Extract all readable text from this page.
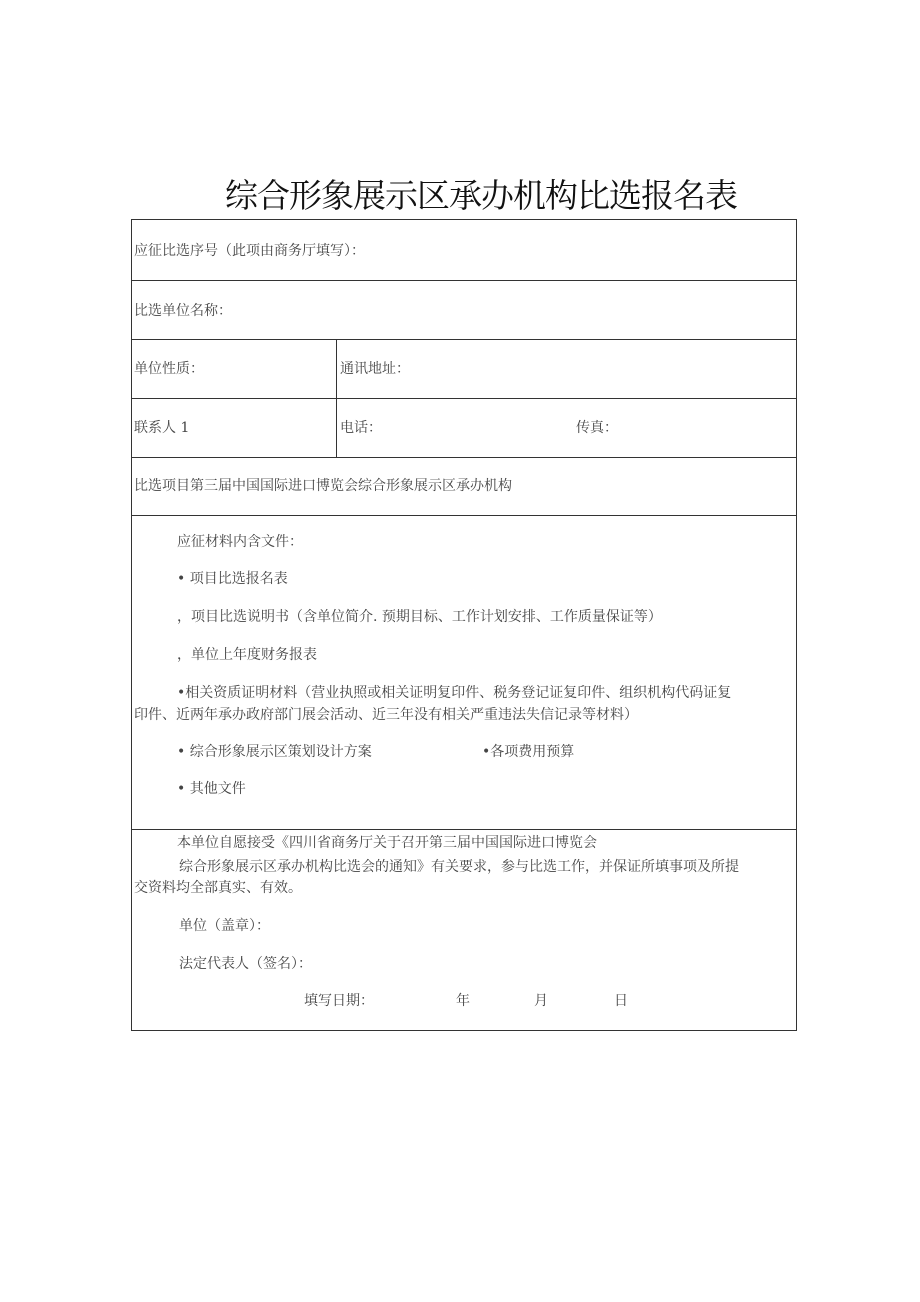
综合形象展示区承办机构比选报名表
应征比选序号（此项由商务厅填写）：
比选单位名称：
单位性质：	通讯地址：
联系人 1	电话：	传真：
比选项目第三届中国国际进口博览会综合形象展示区承办机构
应征材料内含文件：
• 项目比选报名表
，项目比选说明书（含单位简介. 预期目标、工作计划安排、工作质量保证等）
，单位上年度财务报表
•相关资质证明材料（营业执照或相关证明复印件、税务登记证复印件、组织机构代码证复
印件、近两年承办政府部门展会活动、近三年没有相关严重违法失信记录等材料）
• 综合形象展示区策划设计方案	•各项费用预算
• 其他文件
本单位自愿接受《四川省商务厅关于召开第三届中国国际进口博览会
综合形象展示区承办机构比选会的通知》有关要求，参与比选工作，并保证所填事项及所提
交资料均全部真实、有效。
单位（盖章）：
法定代表人（签名）：
填写日期：	年	月	日
